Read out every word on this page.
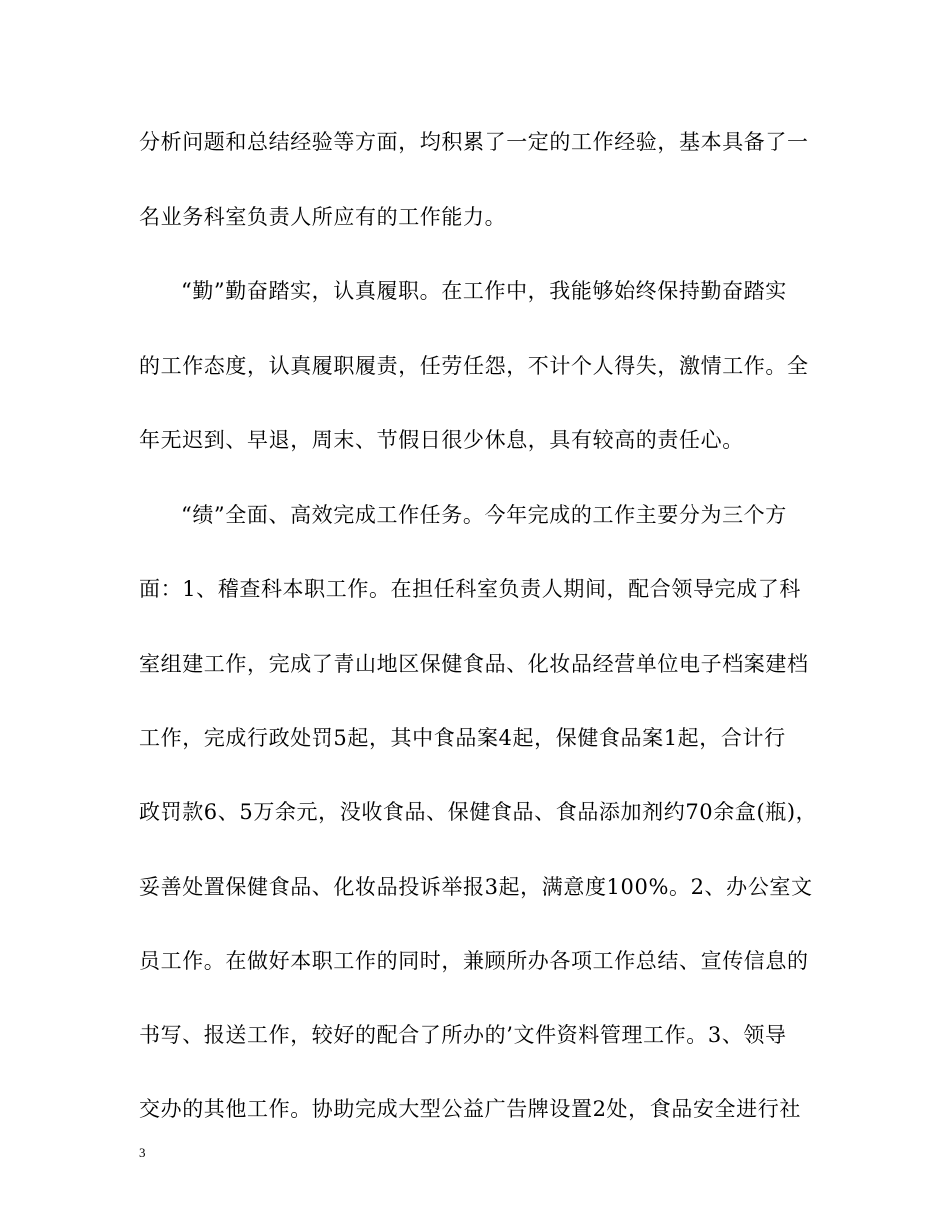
分析问题和总结经验等方面，均积累了一定的工作经验，基本具备了一
名业务科室负责人所应有的工作能力。
“勤”勤奋踏实，认真履职。在工作中，我能够始终保持勤奋踏实
的工作态度，认真履职履责，任劳任怨，不计个人得失，激情工作。全
年无迟到、早退，周末、节假日很少休息，具有较高的责任心。
“绩”全面、高效完成工作任务。今年完成的工作主要分为三个方
面：1、稽查科本职工作。在担任科室负责人期间，配合领导完成了科
室组建工作，完成了青山地区保健食品、化妆品经营单位电子档案建档
工作，完成行政处罚5起，其中食品案4起，保健食品案1起，合计行
政罚款6、5万余元，没收食品、保健食品、食品添加剂约70余盒(瓶)，
妥善处置保健食品、化妆品投诉举报3起，满意度100%。2、办公室文
员工作。在做好本职工作的同时，兼顾所办各项工作总结、宣传信息的
书写、报送工作，较好的配合了所办的’文件资料管理工作。3、领导
交办的其他工作。协助完成大型公益广告牌设置2处，食品安全进行社
3
